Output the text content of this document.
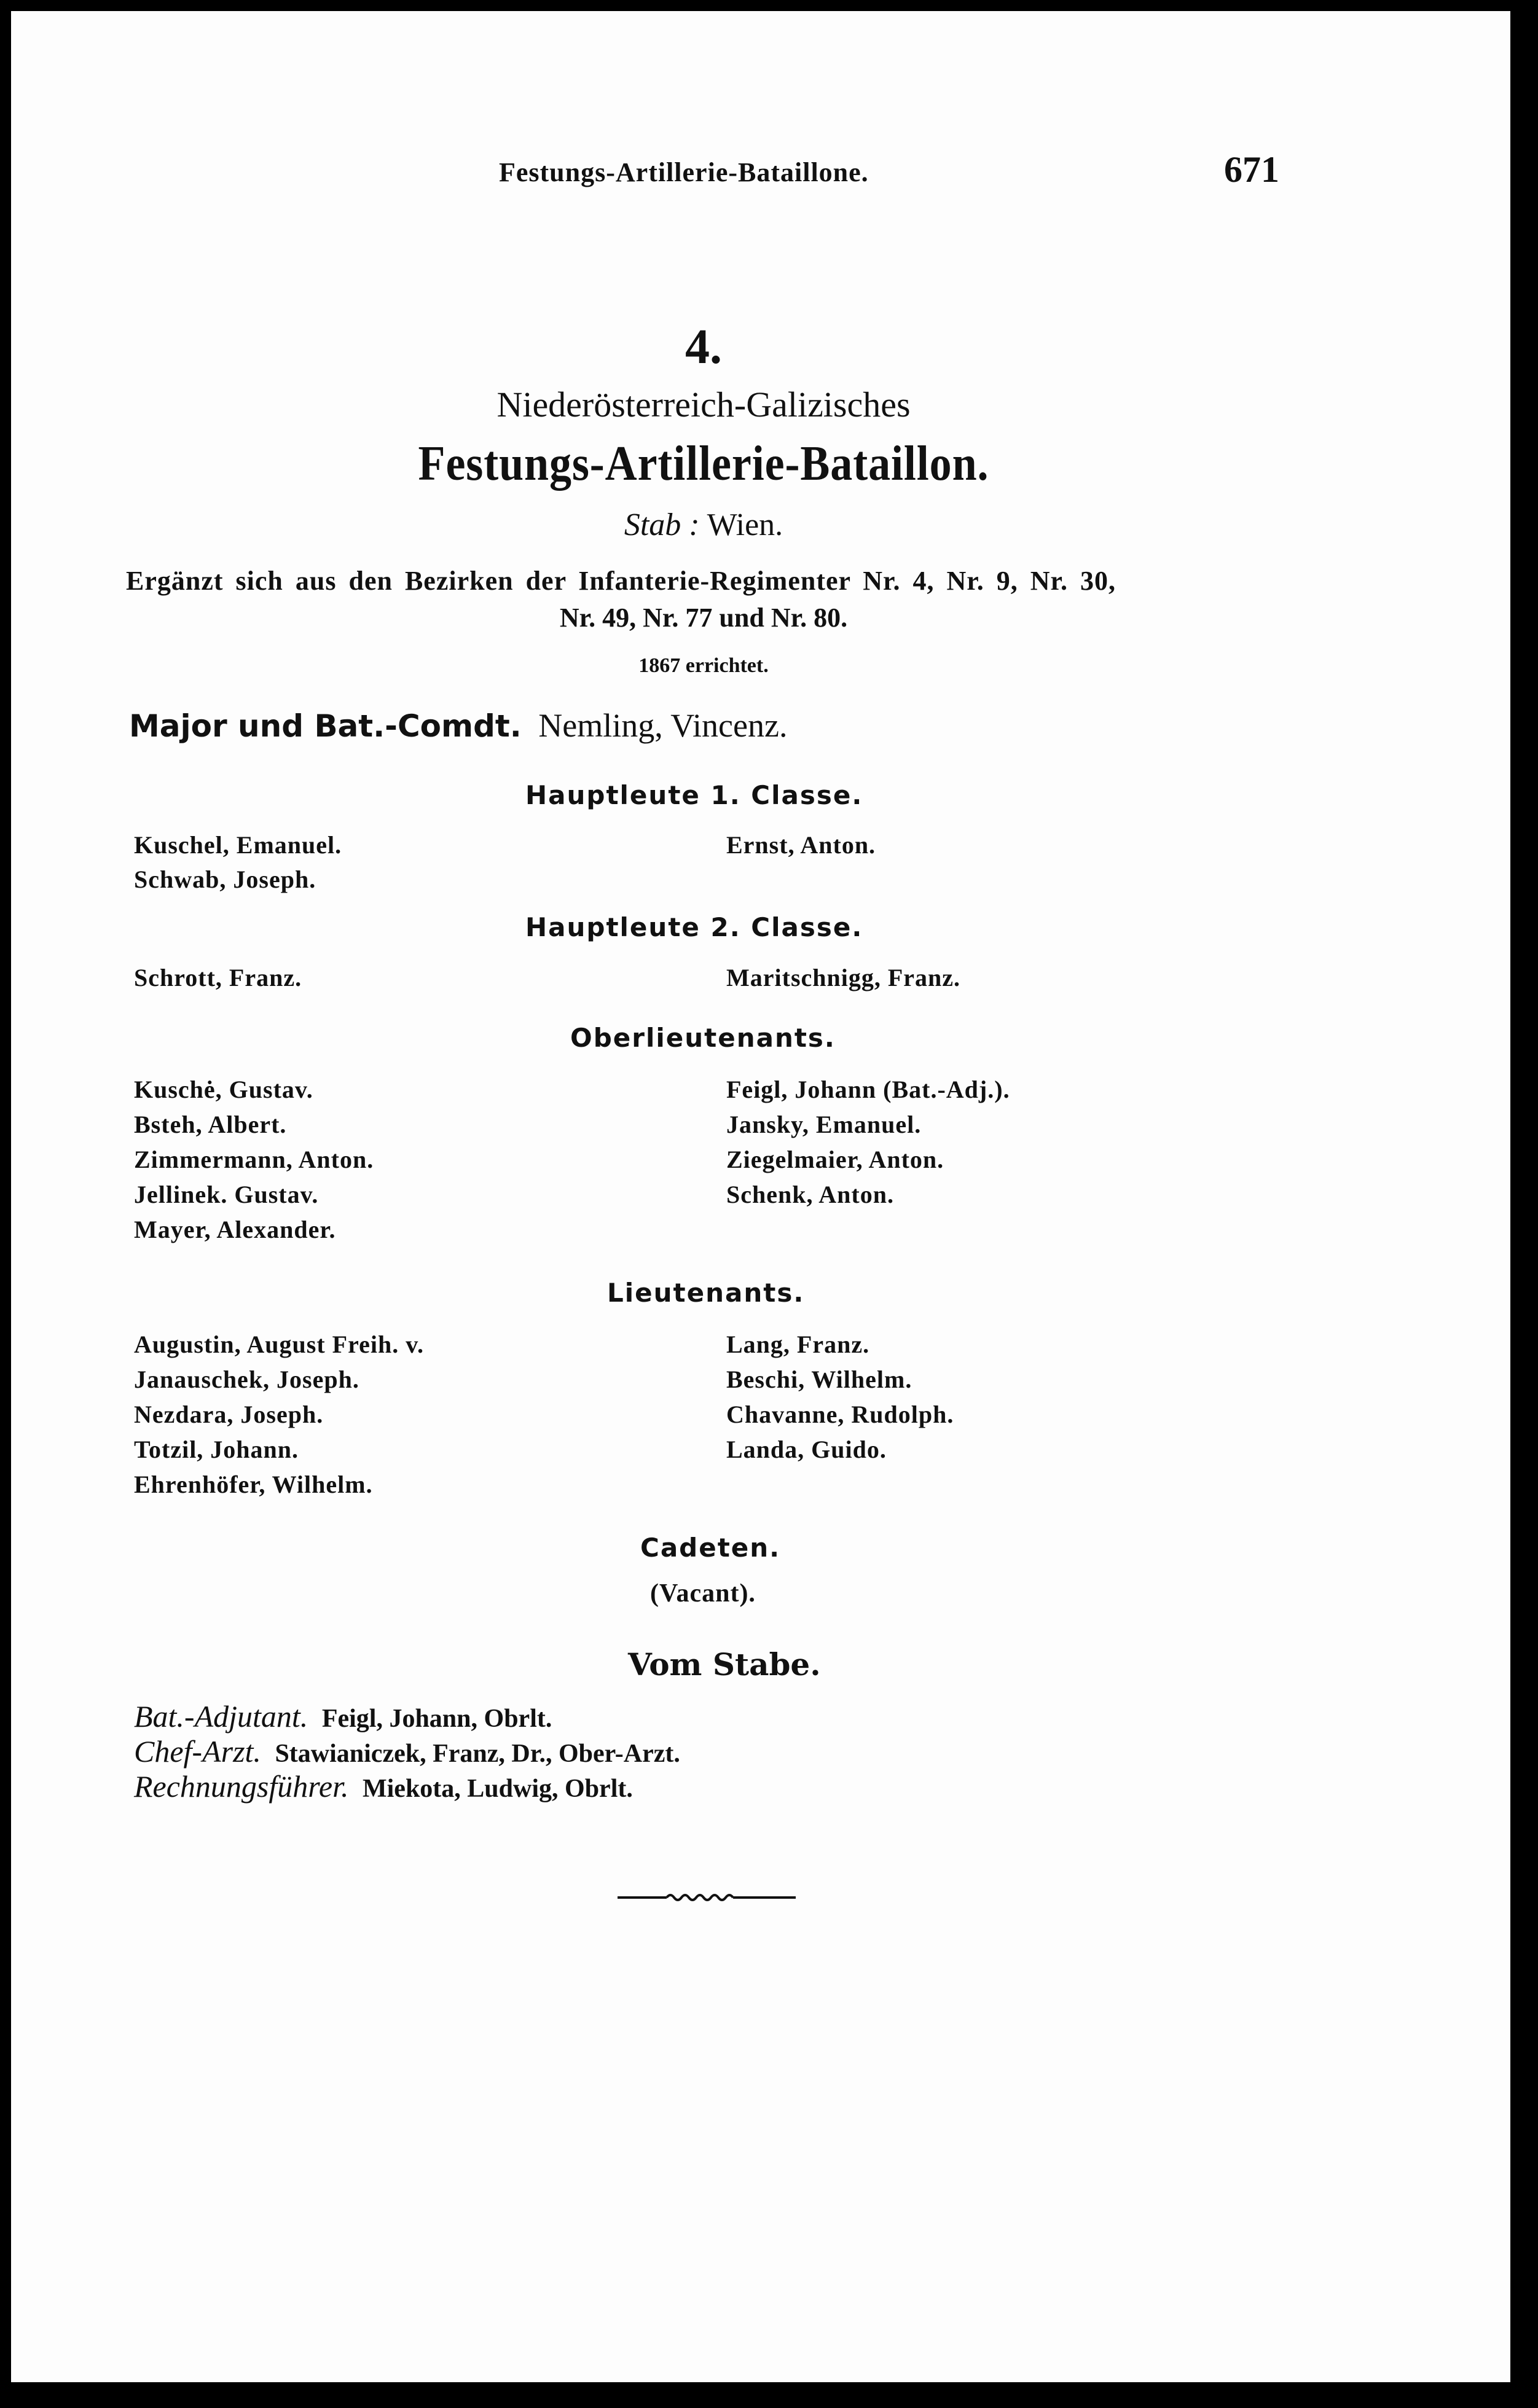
Festungs-Artillerie-Bataillone.	671
4.
Niederösterreich-Galizisches
Festungs-Artillerie-Bataillon.
Stab : Wien.
Ergänzt sich aus den Bezirken der Infanterie-Regimenter Nr. 4, Nr. 9, Nr. 30,
Nr. 49, Nr. 77 und Nr. 80.
1867 errichtet.
Major und Bat.-Comdt. Nemling, Vincenz.
Hauptleute 1. Classe.
Kuschel, Emanuel.
Schwab, Joseph.
Ernst, Anton.
Hauptleute 2. Classe.
Schrott, Franz.	Maritschnigg, Franz.
Oberlieutenants.
Kuschė, Gustav.
Bsteh, Albert.
Zimmermann, Anton.
Jellinek. Gustav.
Mayer, Alexander.
Feigl, Johann (Bat.-Adj.).
Jansky, Emanuel.
Ziegelmaier, Anton.
Schenk, Anton.
Lieutenants.
Augustin, August Freih. v.
Janauschek, Joseph.
Nezdara, Joseph.
Totzil, Johann.
Ehrenhöfer, Wilhelm.
Lang, Franz.
Beschi, Wilhelm.
Chavanne, Rudolph.
Landa, Guido.
Cadeten.
(Vacant).
Vom Stabe.
Bat.-Adjutant. Feigl, Johann, Obrlt.
Chef-Arzt. Stawianiczek, Franz, Dr., Ober-Arzt.
Rechnungsführer. Miekota, Ludwig, Obrlt.
